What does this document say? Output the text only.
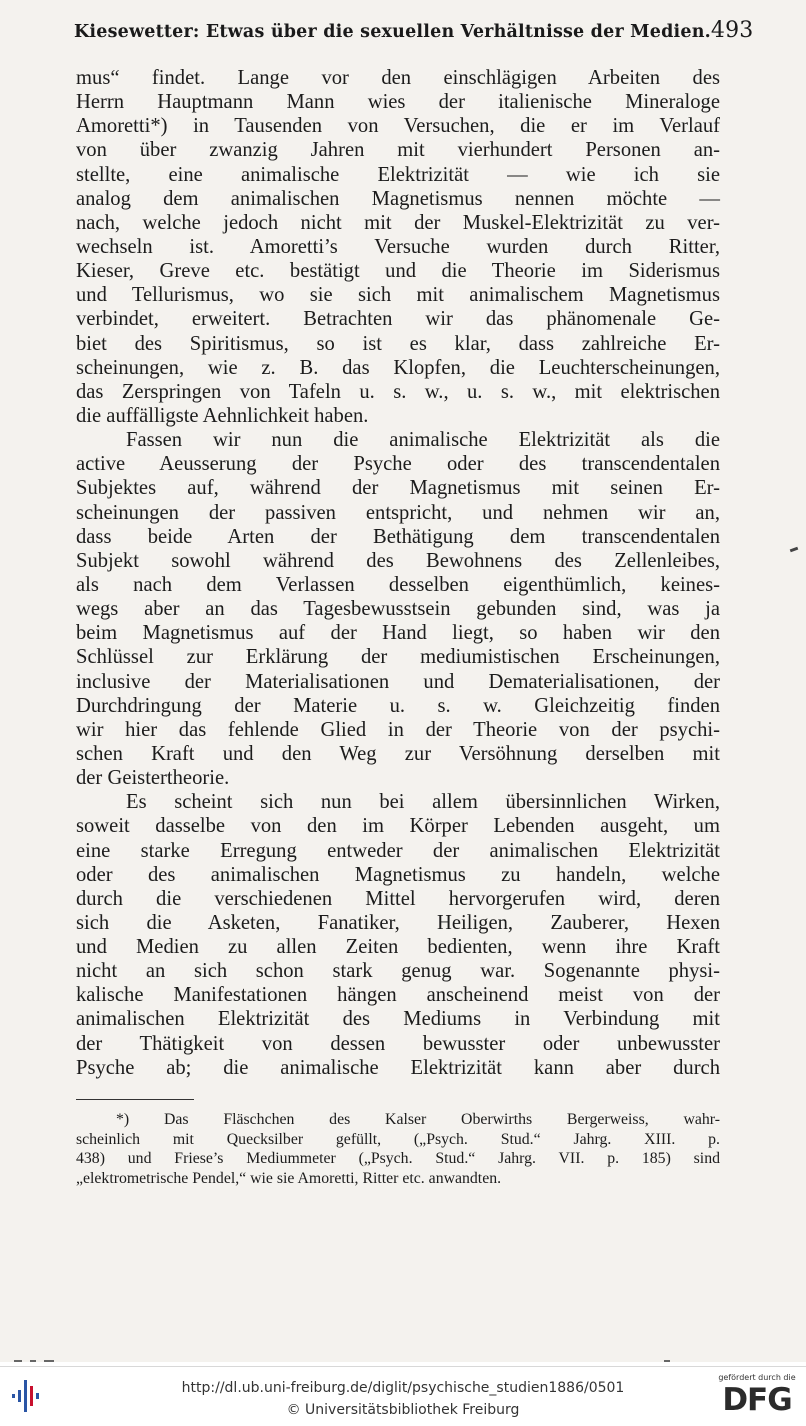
Kiesewetter: Etwas über die sexuellen Verhältnisse der Medien. 493
mus“ findet. Lange vor den einschlägigen Arbeiten des
Herrn Hauptmann Mann wies der italienische Mineraloge
Amoretti*) in Tausenden von Versuchen, die er im Verlauf
von über zwanzig Jahren mit vierhundert Personen an-
stellte, eine animalische Elektrizität — wie ich sie
analog dem animalischen Magnetismus nennen möchte —
nach, welche jedoch nicht mit der Muskel-Elektrizität zu ver-
wechseln ist. Amoretti’s Versuche wurden durch Ritter,
Kieser, Greve etc. bestätigt und die Theorie im Siderismus
und Tellurismus, wo sie sich mit animalischem Magnetismus
verbindet, erweitert. Betrachten wir das phänomenale Ge-
biet des Spiritismus, so ist es klar, dass zahlreiche Er-
scheinungen, wie z. B. das Klopfen, die Leuchterscheinungen,
das Zerspringen von Tafeln u. s. w., u. s. w., mit elektrischen
die auffälligste Aehnlichkeit haben.
Fassen wir nun die animalische Elektrizität als die
active Aeusserung der Psyche oder des transcendentalen
Subjektes auf, während der Magnetismus mit seinen Er-
scheinungen der passiven entspricht, und nehmen wir an,
dass beide Arten der Bethätigung dem transcendentalen
Subjekt sowohl während des Bewohnens des Zellenleibes,
als nach dem Verlassen desselben eigenthümlich, keines-
wegs aber an das Tagesbewusstsein gebunden sind, was ja
beim Magnetismus auf der Hand liegt, so haben wir den
Schlüssel zur Erklärung der mediumistischen Erscheinungen,
inclusive der Materialisationen und Dematerialisationen, der
Durchdringung der Materie u. s. w. Gleichzeitig finden
wir hier das fehlende Glied in der Theorie von der psychi-
schen Kraft und den Weg zur Versöhnung derselben mit
der Geistertheorie.
Es scheint sich nun bei allem übersinnlichen Wirken,
soweit dasselbe von den im Körper Lebenden ausgeht, um
eine starke Erregung entweder der animalischen Elektrizität
oder des animalischen Magnetismus zu handeln, welche
durch die verschiedenen Mittel hervorgerufen wird, deren
sich die Asketen, Fanatiker, Heiligen, Zauberer, Hexen
und Medien zu allen Zeiten bedienten, wenn ihre Kraft
nicht an sich schon stark genug war. Sogenannte physi-
kalische Manifestationen hängen anscheinend meist von der
animalischen Elektrizität des Mediums in Verbindung mit
der Thätigkeit von dessen bewusster oder unbewusster
Psyche ab; die animalische Elektrizität kann aber durch
*) Das Fläschchen des Kalser Oberwirths Bergerweiss, wahr-
scheinlich mit Quecksilber gefüllt, („Psych. Stud.“ Jahrg. XIII. p.
438) und Friese’s Mediummeter („Psych. Stud.“ Jahrg. VII. p. 185) sind
„elektrometrische Pendel,“ wie sie Amoretti, Ritter etc. anwandten.
http://dl.ub.uni-freiburg.de/diglit/psychische_studien1886/0501
© Universitätsbibliothek Freiburg
gefördert durch die
DFG
